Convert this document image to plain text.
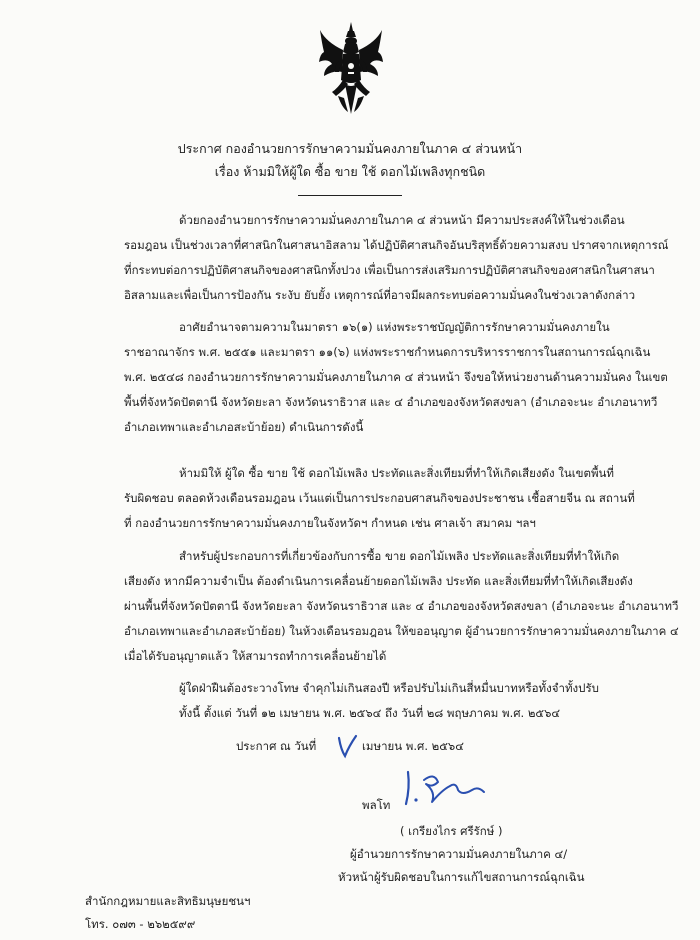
ประกาศ กองอำนวยการรักษาความมั่นคงภายในภาค ๔ ส่วนหน้า
เรื่อง ห้ามมิให้ผู้ใด ซื้อ ขาย ใช้ ดอกไม้เพลิงทุกชนิด
ด้วยกองอำนวยการรักษาความมั่นคงภายในภาค ๔ ส่วนหน้า มีความประสงค์ให้ในช่วงเดือน
รอมฎอน เป็นช่วงเวลาที่ศาสนิกในศาสนาอิสลาม ได้ปฏิบัติศาสนกิจอันบริสุทธิ์ด้วยความสงบ ปราศจากเหตุการณ์
ที่กระทบต่อการปฏิบัติศาสนกิจของศาสนิกทั้งปวง เพื่อเป็นการส่งเสริมการปฏิบัติศาสนกิจของศาสนิกในศาสนา
อิสลามและเพื่อเป็นการป้องกัน ระงับ ยับยั้ง เหตุการณ์ที่อาจมีผลกระทบต่อความมั่นคงในช่วงเวลาดังกล่าว
อาศัยอำนาจตามความในมาตรา ๑๖(๑) แห่งพระราชบัญญัติการรักษาความมั่นคงภายใน
ราชอาณาจักร พ.ศ. ๒๕๕๑ และมาตรา ๑๑(๖) แห่งพระราชกำหนดการบริหารราชการในสถานการณ์ฉุกเฉิน
พ.ศ. ๒๕๔๘ กองอำนวยการรักษาความมั่นคงภายในภาค ๔ ส่วนหน้า จึงขอให้หน่วยงานด้านความมั่นคง ในเขต
พื้นที่จังหวัดปัตตานี จังหวัดยะลา จังหวัดนราธิวาส และ ๔ อำเภอของจังหวัดสงขลา (อำเภอจะนะ อำเภอนาทวี
อำเภอเทพาและอำเภอสะบ้าย้อย) ดำเนินการดังนี้
ห้ามมิให้ ผู้ใด ซื้อ ขาย ใช้ ดอกไม้เพลิง ประทัดและสิ่งเทียมที่ทำให้เกิดเสียงดัง ในเขตพื้นที่
รับผิดชอบ ตลอดห้วงเดือนรอมฎอน เว้นแต่เป็นการประกอบศาสนกิจของประชาชน เชื้อสายจีน ณ สถานที่
ที่ กองอำนวยการรักษาความมั่นคงภายในจังหวัดฯ กำหนด เช่น ศาลเจ้า สมาคม ฯลฯ
สำหรับผู้ประกอบการที่เกี่ยวข้องกับการซื้อ ขาย ดอกไม้เพลิง ประทัดและสิ่งเทียมที่ทำให้เกิด
เสียงดัง หากมีความจำเป็น ต้องดำเนินการเคลื่อนย้ายดอกไม้เพลิง ประทัด และสิ่งเทียมที่ทำให้เกิดเสียงดัง
ผ่านพื้นที่จังหวัดปัตตานี จังหวัดยะลา จังหวัดนราธิวาส และ ๔ อำเภอของจังหวัดสงขลา (อำเภอจะนะ อำเภอนาทวี
อำเภอเทพาและอำเภอสะบ้าย้อย) ในห้วงเดือนรอมฎอน ให้ขออนุญาต ผู้อำนวยการรักษาความมั่นคงภายในภาค ๔
เมื่อได้รับอนุญาตแล้ว ให้สามารถทำการเคลื่อนย้ายได้
ผู้ใดฝ่าฝืนต้องระวางโทษ จำคุกไม่เกินสองปี หรือปรับไม่เกินสี่หมื่นบาทหรือทั้งจำทั้งปรับ
ทั้งนี้ ตั้งแต่ วันที่ ๑๒ เมษายน พ.ศ. ๒๕๖๔ ถึง วันที่ ๒๘ พฤษภาคม พ.ศ. ๒๕๖๔
ประกาศ ณ วันที่	เมษายน พ.ศ. ๒๕๖๔
พลโท
( เกรียงไกร ศรีรักษ์ )
ผู้อำนวยการรักษาความมั่นคงภายในภาค ๔/
หัวหน้าผู้รับผิดชอบในการแก้ไขสถานการณ์ฉุกเฉิน
สำนักกฎหมายและสิทธิมนุษยชนฯ
โทร. ๐๗๓ - ๒๖๒๕๙๙
